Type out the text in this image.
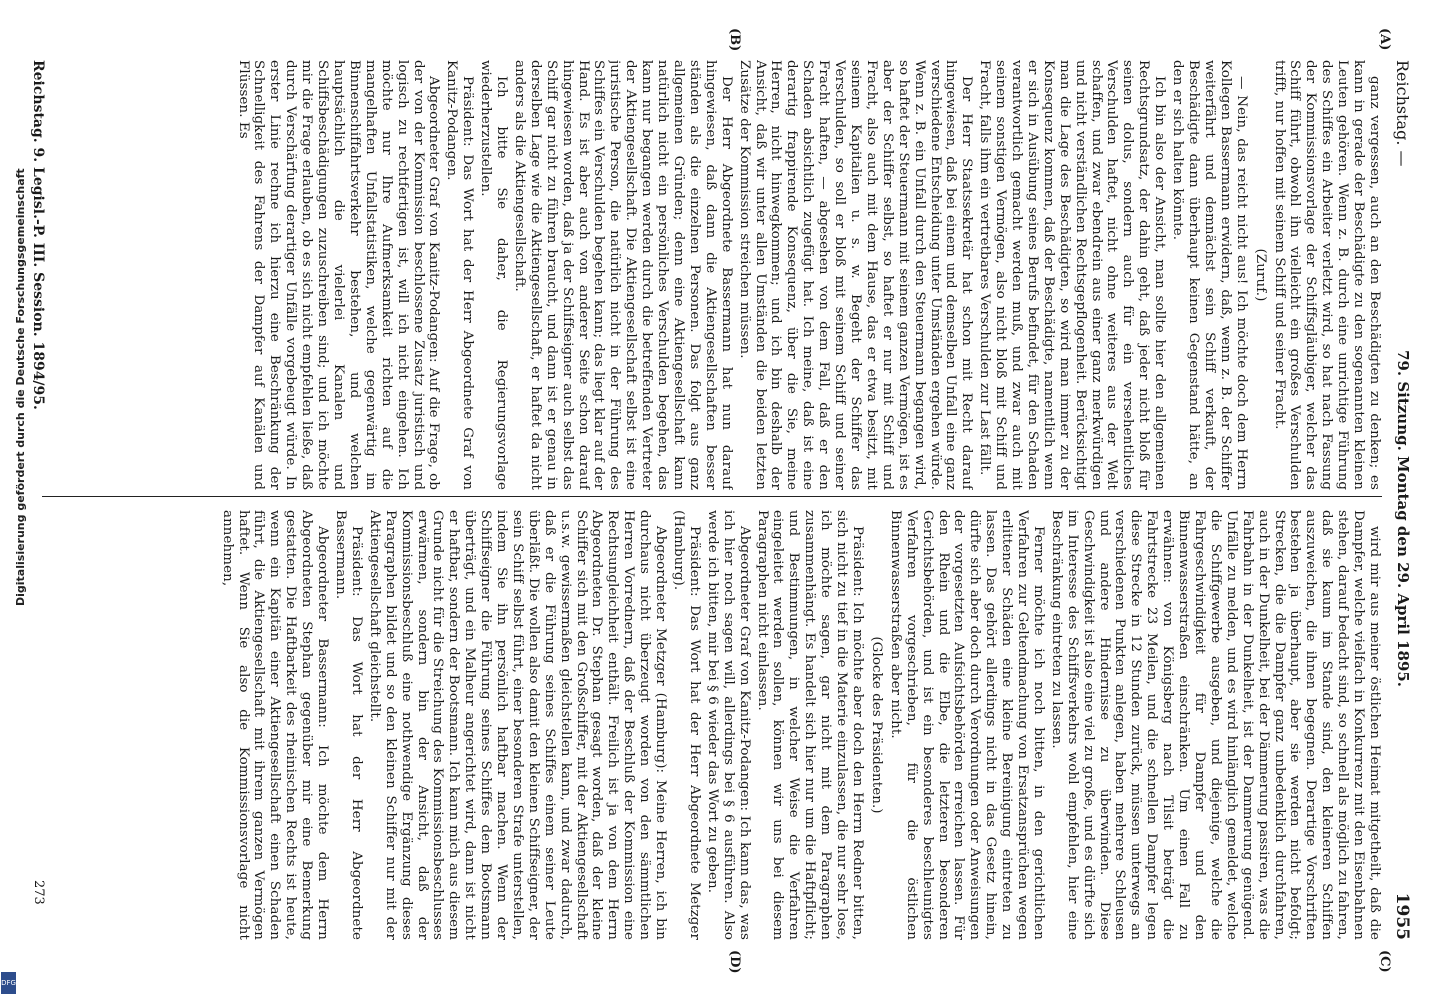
Reichstag. —
79. Sitzung. Montag den 29. April 1895.
1955
(A)
(B)
(C)
(D)

ganz vergessen, auch an den Beschädigten zu denken; es kann in gerade der Beschädigte zu den sogenannten kleinen Leuten gehören. Wenn z. B. durch eine unrichtige Führung des Schiffes ein Arbeiter verletzt wird, so hat nach Fassung der Kommissionsvorlage der Schiffsgläubiger, welcher das Schiff führt, obwohl ihn vielleicht ein großes Verschulden trifft, nur hoffen mit seinem Schiff und seiner Fracht.

(Zuruf.)

— Nein, das reicht nicht aus! Ich möchte doch dem Herrn Kollegen Bassermann erwidern, daß, wenn z. B. der Schiffer weiterfährt und demnächst sein Schiff verkauft, der Beschädigte dann überhaupt keinen Gegenstand hätte, an den er sich halten könnte.

Ich bin also der Ansicht, man sollte hier den allgemeinen Rechtsgrundsatz, der dahin geht, daß jeder nicht bloß für seinen dolus, sondern auch für ein versehentliches Verschulden haftet, nicht ohne weiteres aus der Welt schaffen, und zwar ebendrein aus einer ganz merkwürdigen und nicht verständlichen Rechtsgepflogenheit. Berücksichtigt man die Lage des Beschädigten, so wird man immer zu der Konsequenz kommen, daß der Beschädigte, namentlich wenn er sich in Ausübung seines Berufs befindet, für den Schaden verantwortlich gemacht werden muß, und zwar auch mit seinem sonstigen Vermögen, also nicht bloß mit Schiff und Fracht, falls ihm ein vertretbares Verschulden zur Last fällt.

Der Herr Staatssekretär hat schon mit Recht darauf hingewiesen, daß bei einem und demselben Unfall eine ganz verschiedene Entscheidung unter Umständen ergehen würde. Wenn z. B. ein Unfall durch den Steuermann begangen wird, so haftet der Steuermann mit seinem ganzen Vermögen, ist es aber der Schiffer selbst, so haftet er nur mit Schiff und Fracht, also auch mit dem Hause, das er etwa besitzt, mit seinem Kapitalien u. s. w. Begeht der Schiffer das Verschulden, so soll er bloß mit seinem Schiff und seiner Fracht haften, — abgesehen von dem Fall, daß er den Schaden absichtlich zugefügt hat. Ich meine, daß ist eine derartig frappirende Konsequenz, über die Sie, meine Herren, nicht hinwegkommen; und ich bin deshalb der Ansicht, daß wir unter allen Umständen die beiden letzten Zusätze der Kommission streichen müssen.

Der Herr Abgeordnete Bassermann hat nun darauf hingewiesen, daß dann die Aktiengesellschaften besser ständen als die einzelnen Personen. Das folgt aus ganz allgemeinen Gründen; denn eine Aktiengesellschaft kann natürlich nicht ein persönliches Verschulden begehen, das kann nur begangen werden durch die betreffenden Vertreter der Aktiengesellschaft. Die Aktiengesellschaft selbst ist eine juristische Person, die natürlich nicht in der Führung des Schiffes ein Verschulden begehen kann; das liegt klar auf der Hand. Es ist aber auch von anderer Seite schon darauf hingewiesen worden, daß ja der Schiffseigner auch selbst das Schiff gar nicht zu führen braucht, und dann ist er genau in derselben Lage wie die Aktiengesellschaft, er haftet da nicht anders als die Aktiengesellschaft.

Ich bitte Sie daher, die Regierungsvorlage wiederherzustellen.

Präsident: Das Wort hat der Herr Abgeordnete Graf von Kanitz-Podangen.

Abgeordneter Graf von Kanitz-Podangen: Auf die Frage, ob der von der Kommission beschlossene Zusatz juristisch und logisch zu rechtfertigen ist, will ich nicht eingehen. Ich möchte nur Ihre Aufmerksamkeit richten auf die mangelhaften Unfallstatistiken, welche gegenwärtig im Binnenschiffahrtsverkehr bestehen, und welchen hauptsächlich die vielerlei Kanalen und Schiffsbeschädigungen zuzuschreiben sind; und ich möchte mir die Frage erlauben, ob es sich nicht empfehlen ließe, daß durch Verschärfung derartiger Unfälle vorgebeugt würde. In erster Linie rechne ich hierzu eine Beschränkung der Schnelligkeit des Fahrens der Dampfer auf Kanälen und Flüssen. Es

wird mir aus meiner östlichen Heimat mitgetheilt, daß die Dampfer, welche vielfach in Konkurrenz mit den Eisenbahnen stehen, darauf bedacht sind, so schnell als möglich zu fahren, daß sie kaum im Stande sind, den kleineren Schiffen auszuweichen, die ihnen begegnen. Derartige Vorschriften bestehen ja überhaupt, aber sie werden nicht befolgt; Strecken, die die Dampfer ganz unbedenklich durchfahren, auch in der Dunkelheit, bei der Dämmerung passiren, was die Fahrbahn in der Dunkelheit, ist der Dammerung genügend. Unfälle zu melden, und es wird hinlänglich gemeldet, welche die Schiffgewerbe ausgeben, und diejenige, welche die Fahrgeschwindigkeit für Dampfer und den Binnenwasserstraßen einschränken. Um einen Fall zu erwähnen: von Königsberg nach Tilsit beträgt die Fahrtstrecke 23 Meilen, und die schnellen Dampfer legen diese Strecke in 12 Stunden zurück, müssen unterwegs an verschiedenen Punkten anlegen, haben mehrere Schleusen und andere Hindernisse zu überwinden. Diese Geschwindigkeit ist also eine viel zu große, und es dürfte sich im Interesse des Schiffsverkehrs wohl empfehlen, hier eine Beschränkung eintreten zu lassen.

Ferner möchte ich noch bitten, in den gerichtlichen Verfahren zur Geltendmachung von Ersatzansprüchen wegen erlittener Schäden eine kleine Bereinigung eintreten zu lassen. Das gehört allerdings nicht in das Gesetz hinein, dürfte sich aber doch durch Verordnungen oder Anweisungen der vorgesetzten Aufsichtsbehörden erreichen lassen. Für den Rhein und die Elbe, die letzteren besonderen Gerichtsbehörden, und ist ein besonderes beschleunigtes Verfahren vorgeschrieben, für die östlichen Binnenwasserstraßen aber nicht.

(Glocke des Präsidenten.)

Präsident: Ich möchte aber doch den Herrn Redner bitten, sich nicht zu tief in die Materie einzulassen, die nur sehr lose, ich möchte sagen, gar nicht mit dem Paragraphen zusammenhängt. Es handelt sich hier nur um die Haftpflicht; und Bestimmungen, in welcher Weise die Verfahren eingeleitet werden sollen, können wir uns bei diesem Paragraphen nicht einlassen.

Abgeordneter Graf von Kanitz-Podangen: Ich kann das, was ich hier noch sagen will, allerdings bei § 6 ausführen. Also werde ich bitten, mir bei § 6 wieder das Wort zu geben.

Präsident: Das Wort hat der Herr Abgeordnete Metzger (Hamburg).

Abgeordneter Metzger (Hamburg): Meine Herren, ich bin durchaus nicht überzeugt worden von den sämmtlichen Herren Vorrednern, daß der Beschluß der Kommission eine Rechtsungleichheit enthält. Freilich ist ja von dem Herrn Abgeordneten Dr. Stephan gesagt worden, daß der kleine Schiffer sich mit den Großschiffer, mit der Aktiengesellschaft u.s.w. gewissermaßen gleichstellen kann, und zwar dadurch, daß er die Führung seines Schiffes einem seiner Leute überläßt. Die wollen also damit den kleinen Schiffseigner, der sein Schiff selbst führt, einer besonderen Strafe unterstellen, indem Sie ihn persönlich haftbar machen. Wenn der Schiffseigner die Führung seines Schiffes dem Bootsmann überträgt, und ein Malheur angerichtet wird, dann ist nicht er haftbar, sondern der Bootsmann. Ich kann mich aus diesem Grunde nicht für die Streichung des Kommissionsbeschlusses erwärmen, sondern bin der Ansicht, daß der Kommissionsbeschluß eine nothwendige Ergänzung dieses Paragraphen bildet und so den kleinen Schiffer nur mit der Aktiengesellschaft gleichstellt.

Präsident: Das Wort hat der Herr Abgeordnete Bassermann.

Abgeordneter Bassermann: Ich möchte dem Herrn Abgeordneten Stephan gegenüber mir eine Bemerkung gestatten. Die Haftbarkeit des rheinischen Rechts ist heute, wenn ein Kapitän einer Aktiengesellschaft einen Schaden führt, die Aktiengesellschaft mit ihrem ganzen Vermögen haftet. Wenn Sie also die Kommissionsvorlage nicht annehmen,

Reichstag. 9. Legisl.-P. III. Session. 1894/95.
273
Digitalisierung gefördert durch die Deutsche Forschungsgemeinschaft
DFG
